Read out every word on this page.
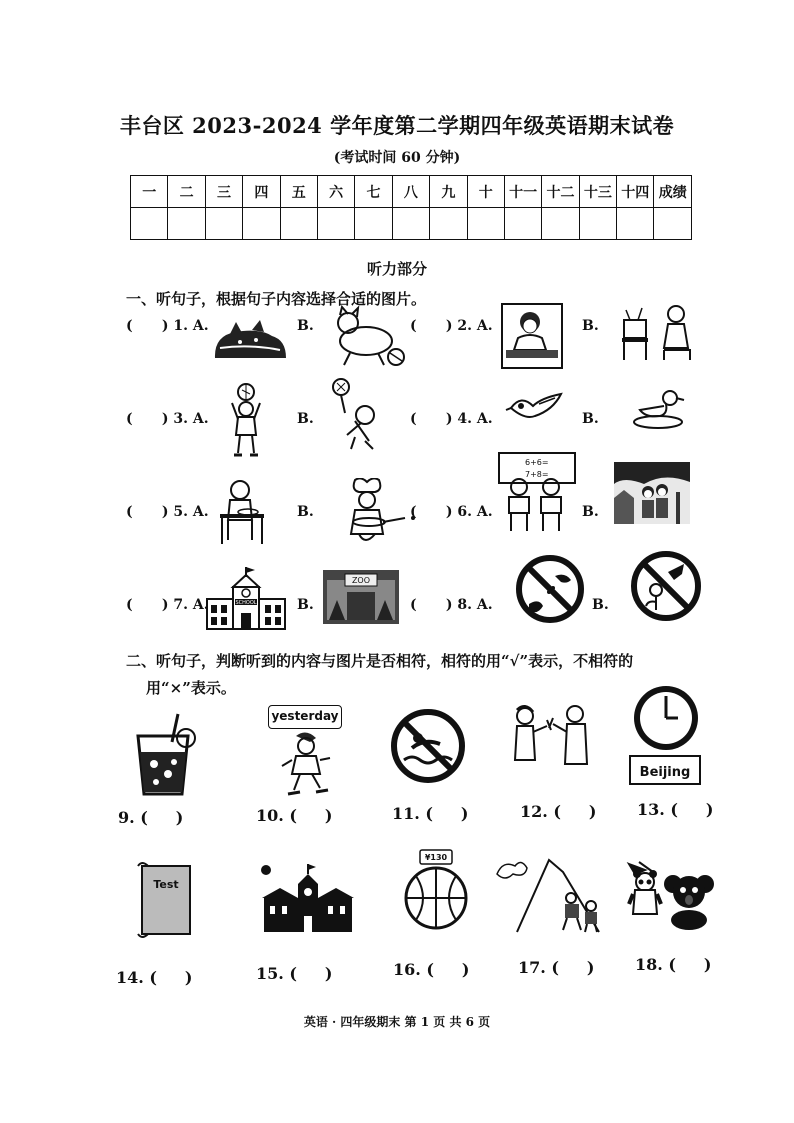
丰台区 2023-2024 学年度第二学期四年级英语期末试卷
(考试时间 60 分钟)
一	二	三	四	五	六	七	八	九	十	十一	十二	十三	十四	成绩

听力部分
一、听句子，根据句子内容选择合适的图片。
(      ) 1. A.	B.	(      ) 2. A.	B.
(      ) 3. A.	B.	(      ) 4. A.	B.
(      ) 5. A.	B.	(      ) 6. A.
6+6=
7+8=
B.
(      ) 7. A.	SCHOOL	B.
ZOO
(      ) 8. A.	B.
二、听句子，判断听到的内容与图片是否相符，相符的用“√”表示，不相符的
用“×”表示。
yesterday
Beijing
9. (     )	10. (     )	11. (     )	12. (     )	13. (     )
Test
¥130
14. (     )	15. (     )	16. (     )	17. (     )	18. (     )
英语 · 四年级期末 第 1 页 共 6 页
